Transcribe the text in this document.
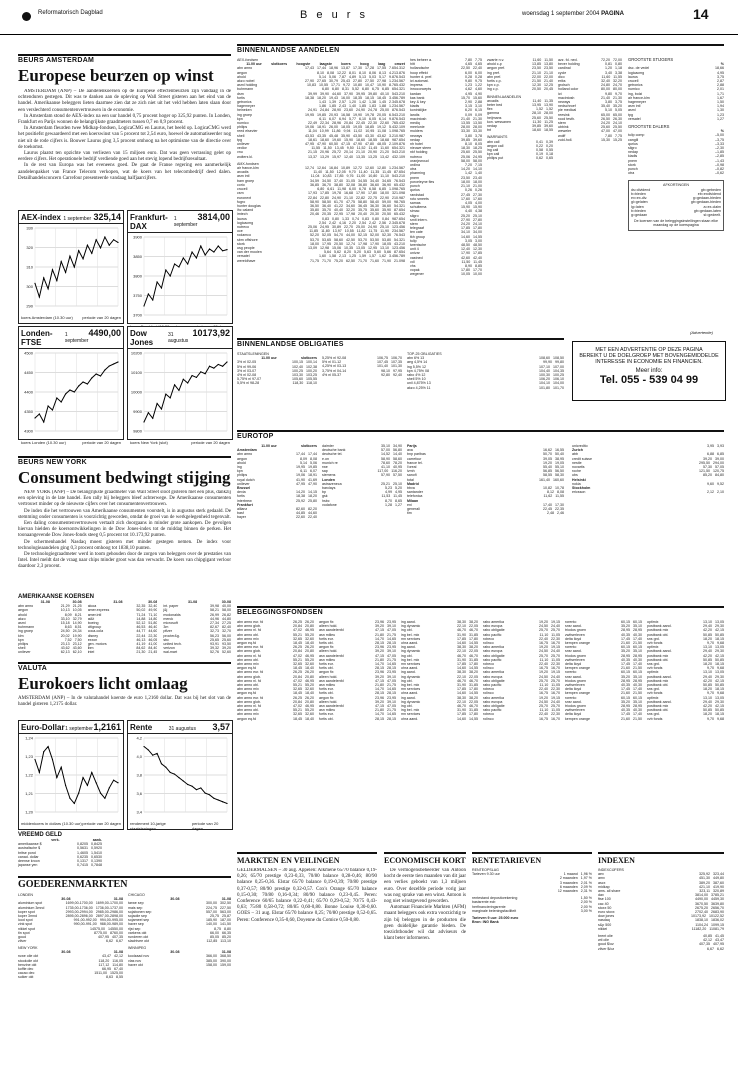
Reformatorisch Dagblad	B e u r s	woensdag 1 september 2004 PAGINA	14
BEURS AMSTERDAM
Europese beurzen op winst

AMSTERDAM (ANP) – De aandelenkoersen op de Europese effectenbeurzen zijn vandaag in de ochtenduren gestegen. Dit was te danken aan de opleving op Wall Street gisteren aan het eind van de handel. Amerikaanse beleggers lieten daarmee zien dat ze zich niet uit het veld hebben laten slaan door een verslechterd consumentenvertrouwen in de economie.

In Amsterdam stond de AEX-index na een uur handel 0,75 procent hoger op 325,92 punten. In Londen, Frankfurt en Parijs wonnen de belangrijkste graadmeters tussen 0,7 en 0,9 procent.

In Amsterdam fleurden twee Midkap-fondsen, LogicaCMG en Laurus, het beeld op. LogicaCMG werd het positiefst gewaardeerd met een koerswinst van 5 procent tot 2,54 euro, hoewel de automatiseerder nog niet uit de rode cijfers is. Bouwer Laurus ging 3,5 procent omhoog na het optimisme van de directie over de toekomst.

Laurus plaatst ten opzichte van verliezen van 15 miljoen euro. Dat was geen verrassing gelet op eerdere cijfers. Het operationele bedrijf verdiende goed aan het stevig lopend bedrijfsresultaat.

In de rest van Europa was het eveneens goed. De gaat de Franse regering een aanmerkelijk aandelenpakket van France Telecom verkopen, wat de koers van het telecombedrijf deed dalen. Detailhandelsconcern Carrefour presenteerde vandaag halfjaarcijfers.

AEX-index 1 september 325,14
330
320
310
300
290
koers Amsterdam (10.30 uur) periode van 20 dagen
Frankfurt-DAX
1 september
3814,00
3900
3850
3800
3750
3700
Londen-FTSE
1 september
4490,00
4500
4450
4400
4350
4300
koers Londen (10.30 uur)	periode van 20 dagen
Dow Jones
31 augustus
10173,92
10200
10100
10000
9900
9800
koers New York (slot)	periode van 20 dagen
BEURS NEW YORK
Consument bedwingt stijging

NEW YORK (ANP) – De belangrijkste graadmeter van Wall Street sloot gisteren met een plus, dankzij een opleving in de late handel. Een rally bij beleggers bleef achterwege. De Amerikaanse consumenten vertrouwt minder op de nieuwste cijfers over het consumentenvertrouwen.

De index die het vertrouwen van Amerikaanse consumenten voorstelt, is in augustus sterk gedaald. De stemming onder consumenten is voorzichtig geworden, omdat de groei van de werkgelegenheid tegenvalt.

Een daling consumentenvertrouwen vertaalt zich doorgaans in minder grote aankopen. De gevolgen hiervan hielden de koersontwikkelingen in de Dow Jones-index tot de middag binnen de perken. Het toonaangevende Dow Jones-fonds steeg 0,5 procent tot 10.173,92 punten.

De schermenhandel Nasdaq moest gisteren met minder gestegen nemen. De index voor technologieaandelen ging 0,3 procent omhoog tot 1838,10 punten.

De technologiegraadmeter werd in toom gehouden door de zorgen van beleggers over de prestaties van Intel. Intel meldt dat de vraag naar chips minder groot was dan verwacht. De koers van chipgigant verloor daardoor 2,3 procent.

AMERIKAANSE KOERSEN
31-08	30-08
abn amro	21,29 21,25
aegon	10,13 10,05
ahold	8,09 8,21
akzo	33,10 32,79
asml	15,18 14,90
buhrmann	8,63 8,51
ing groep	24,50 24,34
klm	20,02 19,90
kpn	7,52 7,50
philips	23,13 23,12
shell	43,62 43,60
unilever	62,13 62,10
31-08	30-08
alcoa	32,35 32,40
amer.express	50,02 49,90
amer.intl	71,24 71,10
at&t	14,88 14,80
boeing	52,12 51,80
citigroup	46,53 46,40
coca-cola	44,77 44,60
disney	22,44 22,30
exxon	46,13 46,05
gen. motors	41,19 41,00
ibm	84,62 84,40
intel	21,30 21,45
31-08	30-08
int. paper	39,98 40,00
j&j	58,21 58,00
mcdonalds	26,99 26,82
merck	44,96 44,80
microsoft	27,34 27,25
3m	82,67 82,40
pfizer	32,73 32,70
procter&g.	56,23 56,00
sbc	25,65 25,60
united tech.	93,91 93,50
verizon	39,32 39,20
wal-mart	52,76 52,60
VALUTA
Eurokoers licht omlaag
AMSTERDAM (ANP) – In de valutahandel koerste de euro 1,2160 dollar. Dat was bij het slot van de handel gisteren 1,2175 dollar.
Euro-Dollar 1 september 1,2161
1,24
1,23
1,22
1,21
1,20
middenkoers in dollars (10.30 uur) periode van 20 dagen
Rente	31 augustus 3,57
4,2
4,0
3,8
3,6
3,4
rendement 10-jarige staatsleningen
periode van 20 dagen
VREEMD GELD
verk.	aank.
amerikaanse $	0,8205 0,8425
australische $	0,5631 0,5920
britse pond	1,4605 1,5410
canad. dollar	0,6235 0,6530
deense kroon	0,1317 0,1390
japanse yen	0,7415 0,7848
GOEDERENMARKTEN
LONDEN
30-08	31-08
aluminium spot	1699,00-1700,00 1699,00-1700,00
aluminium 3mnd	1735,00-1736,00 1736,00-1737,00
koper spot	2993,00-2994,00 2985,00-2986,00
koper 3mnd	2895,00-2896,00 2897,00-2898,00
lood spot	991,00-992,00 994,00-995,00
zink spot	990,00-991,00 988,00-989,00
nikkel spot	14575,00 14550,00
tin spot	8775,00 8760,00
goud	407,95 407,35
zilver	6,62 6,67
CHICAGO
30-08	31-08
tarwe sep	300,00 302,50
mais sep	224,75 227,50
sojabonen sep	557,00 563,00
sojaolie sep	25,75 25,87
sojameel sep	185,90 187,00
haver sep	140,00 141,50
rijst sep	8,75 8,80
varkens okt	66,00 66,35
runderen okt	85,05 85,20
slachtvee okt	112,85 113,10
NEW YORK
30-08	31-08
ruwe olie okt	43,47 42,12
stookolie okt	118,20 116,05
benzine okt	117,12 114,80
koffie dec	66,95 67,40
cacao dec	1511,00 1525,00
suiker okt	8,63 8,55
WINNIPEG
30-08	31-08
koolzaad nov	366,00 368,50
vlas nov	385,00 390,00
haver okt	158,00 159,00
BINNENLANDSE AANDELEN
AEX-fondsen
11.00 uur	slotkoers	hoogste	laagste	koers	hoog	laag	omzet
abn amro	17,43 17,44 18,96 13,87 17,30 17,28 17,55 7.654.312
aegon	8,10 8,08 12,22 8,01 8,10 8,06 8,13 4.213.876
ahold	5,14 5,06 7,87 4,89 5,13 5,03 5,17 9.876.543
akzo nobel	27,90 27,65 30,79 25,43 27,80 27,50 27,98 1.234.567
asml holding	10,83 10,55 17,71 9,72 10,80 10,47 10,90 8.765.432
buhrmann	6,80 6,80 8,31 5,52 6,80 6,75 6,85 654.321
dsm	39,99 39,90 44,60 37,90 39,95 39,80 40,10 543.210
fortis	18,38 18,20 19,43 16,00 18,35 18,15 18,45 3.456.789
getronics	1,43 1,39 2,57 1,20 1,42 1,38 1,45 2.345.678
hagemeyer	1,86 1,85 2,43 1,40 1,85 1,83 1,88 1.234.567
heineken	24,91 24,84 28,90 23,60 24,90 24,78 25,00 876.543
ing groep	19,95 19,85 20,93 16,58 19,90 19,78 20,05 6.543.210
kpn	6,11 6,07 6,94 5,77 6,10 6,05 6,14 9.876.543
numico	22,49 22,34 28,96 20,84 22,45 22,30 22,60 765.432
philips	19,06 18,91 26,00 18,05 19,05 18,85 19,12 5.432.109
reed elsevier	11,04 10,99 11,86 9,94 11,02 10,95 11,08 1.098.765
shell	43,53 43,35 45,48 35,90 43,50 43,30 43,62 3.210.987
tpg	18,61 18,60 19,60 15,90 18,60 18,55 18,68 987.654
unilever	47,95 47,90 60,50 47,15 47,90 47,80 48,05 2.109.876
vedior	11,55 11,50 13,45 9,50 11,52 11,45 11,60 654.321
vnu	21,15 20,96 25,72 20,14 21,10 20,90 21,20 543.210
wolters kl.	13,37 13,29 15,97 12,40 13,35 13,25 13,42 432.109
AMX-fondsen
air france-klm	12,74 12,64 16,84 10,89 12,72 12,60 12,80 1.234.567
arcadis	11,40 11,50 12,05 9,70 11,40 11,35 11,45 87.654
asm intl	11,04 10,83 17,85 9,76 11,00 10,80 11,10 543.210
bam groep	34,59 34,50 37,40 31,05 34,55 34,40 34,65 76.543
corio	36,85 36,70 38,80 32,08 36,80 36,60 36,90 65.432
crucell	6,80 6,61 11,98 6,00 6,78 6,58 6,85 1.098.765
csm	17,93 17,85 19,78 16,68 17,90 17,80 18,00 321.098
euronext	22,84 22,80 24,90 21,10 22,82 22,75 22,90 210.987
fugro	58,90 58,50 61,70 47,75 58,80 58,40 59,00 98.765
hunter douglas	36,50 36,40 41,22 34,60 36,45 36,30 36,60 54.321
ihc caland	35,80 35,70 40,40 32,20 35,75 35,60 35,90 87.654
imtech	20,46 20,35 22,95 17,98 20,40 20,30 20,50 65.432
laurus	0,83 0,80 1,33 0,74 0,83 0,80 0,84 987.654
logicacmg	2,54 2,42 4,16 2,20 2,54 2,42 2,56 2.345.678
nutreco	25,06 24,95 30,89 22,70 25,00 24,90 25,10 123.456
oce	11,85 11,80 13,97 10,55 11,82 11,75 11,90 234.567
rodamco	52,20 52,05 54,70 44,00 52,15 52,00 52,30 76.543
sbm offshore	53,70 53,65 58,60 42,50 53,70 53,50 53,80 54.321
stork	18,00 17,95 20,50 12,74 17,98 17,90 18,05 43.210
usg people	13,09 12,98 15,06 10,35 13,05 12,95 13,10 123.456
van der moolen	5,64 5,62 8,20 5,20 5,63 5,60 5,66 87.654
versatel	1,60 1,58 2,13 1,25 1,59 1,57 1,62 3.456.789
wereldhave	71,75 71,70 75,20 62,50 71,70 71,60 71,90 21.098
hes beheer a.	7,80 7,75
hitt	4,65 4,65
hollandsche	22,50 22,40
hoop effekt	6,00 6,00
hunter d. pref.	0,28 0,28
ict automat.	9,80 9,75
impress	1,23 1,22
innoconcepts	4,62 4,60
kardan	4,95 4,90
kas bank	15,70 15,60
key & key	2,90 2,88
kiadis	3,15 3,10
koninklijke	6,20 6,15
landis	0,09 0,09
macintosh	21,40 21,30
mediq	13,55 13,50
meelunie	28,00 28,00
mulders	33,30 33,30
neways	3,80 3,78
nedap	39,85 39,60
nh hotel	8,10 8,05
nieuwe steen	18,30 18,25
nkf holding	25,60 25,50
nutreco	25,06 24,95
oranjewoud	58,00 58,00
ordina	7,20 7,15
otra	14,20 14,10
pharming	1,42 1,40
pnem	23,50 23,40
porceleyne fles	18,00 18,00
punch	21,10 21,00
qurius	0,26 0,26
randstad	27,45 27,30
roto smeets	17,60 17,60
samas	4,05 4,00
schuitema	15,90 15,90
simac	4,40 4,38
sligro	25,20 25,10
smit intern.	27,90 27,80
stern	24,20 24,10
telegraaf	17,85 17,80
ten cate	34,10 34,00
tkh group	14,60 14,55
tulip	3,05 3,00
twentsche	48,50 48,50
unit 4	12,40 12,30
univar	17,90 17,85
vastned	42,60 42,40
vdl	11,50 11,45
vhs	8,90 8,85
vopak	17,80 17,70
wegener	10,05 10,00
zwarte n.v.	11,60 11,50
ahold c-p	13,85 13,80
aegon pref.	23,50 23,50
ing pref.	21,10 21,10
abn pref.	22,00 22,00
fortis c.p.	21,50 21,40
kpn c.p.	12,30 12,25
ing c.p.	20,50 20,45
BINNEN-AANDELEN
arcadis	11,40 11,35
beter bed	13,95 13,90
flex	1,52 1,52
gamma	28,10 28,00
heijmans	25,60 25,50
kon. wessanen	11,30 11,25
nedap	39,85 39,60
tnt	18,60 18,55
WARRANTS
abn call	0,41 0,39
aegon call	0,22 0,20
ing call	0,58 0,55
kpn call	0,19 0,18
philips put	0,62 0,65
azz. fd. ned.	72,20 72,00
bever holding	0,81 0,80
cardinal	1,20 1,18
cycle	3,40 3,38
dico	11,60 11,55
eriks	32,40 32,20
grolsch	24,80 24,70
holland color	80,00 80,00
ict	9,80 9,70
macintosh	21,40 21,30
neways	3,80 3,75
nedschroef	35,40 35,20
pie medical	5,10 5,05
reesink	65,00 65,00
rood testh.	26,50 26,30
stern	24,20 24,10
ubbink	25,60 25,50
weweler	47,00 47,00
wolff	7,80 7,75
zuid-holl.	15,30 15,25
GROOTSTE STIJGERS
%
dsc. de vedel	18,66
logicacmg	4,95
laurus	3,75
crucell	2,87
getronics	2,88
numico	2,01
ing, bolzi	1,71
air france-klm	1,67
hagemeyer	1,50
asm intl	1,94
asml	1,30
tpg	1,23
versatel	1,27
GROOTSTE DALERS
%
tulip comp	–5,00
cangill	–3,75
qurius	–3,33
sligro	–2,30
nedap	–1,85
kiadis	–2,85
pnem	–1,43
stork	–0,98
punch	–0,82
otra	–0,62
AFKORTINGEN
ds=dividend	gb=gebeden
b=bieden	eb=exdividend
ex=ex-div.	g=gedaan-bieden
gl=gelaten	gb=gedaan-bieden
lg=laten	a=ex-claim
b=bieden	gb=gedaan-laten
g=gedaan	sl=gedeelt.
De koersen van de beleggingsinstellingen staan elke maandag op de koerspagina
BINNENLANDSE OBLIGATIES
STAATSLENINGEN
11.00 uur	slotkoers
3% nl 02-05	100,15 100,14
5% nl 99-06	102,40 102,38
3% nl 03-07	100,25 100,20
4% nl 02-08	103,30 103,25
5,75% nl 97-07	105,60 105,55
5,5% nl 98-28	118,30 118,10
5,25% nl 92-08	106,75 106,70
5% nl 01-12	107,45 107,35
4,25% nl 03-13	101,40 101,30
3,75% nl 04-14	98,10 97,95
4% nl 05-37	92,80 92,40
TOP-25 OBLIGATIES
abn 6% 13	108,60 108,50
aeg 4,5% 14	99,90 99,80
ing 5,5% 12	107,10 107,00
kpn 4,75% 08	104,40 104,35
rabo 4% 12	100,30 100,25
shell 5% 10	106,20 106,10
unil 4,875% 13	104,10 104,00
akzo 4,25% 11	101,80 101,70
MET EEN ADVERTENTIE OP DEZE PAGINA
BEREIKT U DE DOELGROEP MET BOVENGEMIDDELDE
INTERESSE IN ECONOMIE EN FINANCIEN.
Meer info:
Tel. 055 - 539 04 99
(Advertentie)
EUROTOP
11.00 uur	slotkoers
Amsterdam
abn amro	17,44 17,44
aegon	8,09 8,08
ahold	5,14 5,06
ing	19,95 19,85
kpn	6,11 6,07
philips	19,06 18,91
royal dutch	41,90 41,69
unilever	47,95 47,90
Brussel
dexia	14,20 14,15
fortis	18,38 18,20
interbrew	25,92 25,80
Frankfurt
allianz	82,60 82,20
basf	44,85 44,60
bayer	22,60 22,40
daimler	35,10 34,90
deutsche bank	57,00 56,80
deutsche tel.	14,52 14,40
e.on	58,90 58,60
munich re	78,60 78,20
rwe	41,10 40,95
sap	117,00 116,20
siemens	57,90 57,50
Londen
astrazeneca	25,21 25,10
barclays	5,23 5,20
bp	4,99 4,95
gsk	11,53 11,45
hsbc	8,70 8,65
vodafone	1,28 1,27
Parijs
axa	16,62 16,55
bnp paribas	50,70 50,40
carrefour	39,05 38,95
france tel.	19,20 19,05
l'oreal	55,40 55,10
lvmh	56,85 56,50
sanofi	58,55 58,30
total	161,40 160,60
Madrid
bbva	10,82 10,78
santander	8,12 8,08
telefonica	11,62 11,55
Milaan
eni	17,40 17,30
generali	22,45 22,35
tim	2,48 2,46
unicredito	3,95 3,93
Zurich
abb	6,88 6,85
credit suisse	39,20 39,00
nestle	295,50 294,00
novartis	57,30 57,05
roche	121,50 120,75
ubs	85,20 84,80
Helsinki
nokia	9,60 9,52
Stockholm
ericsson	2,12 2,10
BELEGGINGSFONDSEN
abn amro eur. fd	26,25 26,20
abn amro glob.	20,84 20,80
abn amro nl. fd	47,02 46,95
abn amro obl.	55,21 55,20
abn amro mix	32,65 32,60
aegon eq.fd	18,45 18,40
abn amro eur. fd	26,25 26,20
abn amro glob.	20,84 20,80
abn amro nl. fd	47,02 46,95
abn amro obl.	55,21 55,20
abn amro mix	32,65 32,60
aegon eq.fd	18,45 18,40
abn amro eur. fd	26,25 26,20
abn amro glob.	20,84 20,80
abn amro nl. fd	47,02 46,95
abn amro obl.	55,21 55,20
abn amro mix	32,65 32,60
aegon eq.fd	18,45 18,40
abn amro eur. fd	26,25 26,20
abn amro glob.	20,84 20,80
abn amro nl. fd	47,02 46,95
abn amro obl.	55,21 55,20
abn amro mix	32,65 32,60
aegon eq.fd	18,45 18,40
aegon fix	23,96 23,95
alleen hold.	39,20 39,10
asn aandelenfd	47,15 47,05
asn milieu	21,80 21,75
fortis eur.	14,70 14,65
fortis obl.	28,15 28,15
aegon fix	23,96 23,95
alleen hold.	39,20 39,10
asn aandelenfd	47,15 47,05
asn milieu	21,80 21,75
fortis eur.	14,70 14,65
fortis obl.	28,15 28,15
aegon fix	23,96 23,95
alleen hold.	39,20 39,10
asn aandelenfd	47,15 47,05
asn milieu	21,80 21,75
fortis eur.	14,70 14,65
fortis obl.	28,15 28,15
aegon fix	23,96 23,95
alleen hold.	39,20 39,10
asn aandelenfd	47,15 47,05
asn milieu	21,80 21,75
fortis eur.	14,70 14,65
fortis obl.	28,15 28,15
ing aand.	38,30 38,20
ing dynamic	22,10 22,05
ing obl.	46,70 46,70
ing bel. mix	31,90 31,85
mn services	17,85 17,80
ohra aand.	14,60 14,55
ing aand.	38,30 38,20
ing dynamic	22,10 22,05
ing obl.	46,70 46,70
ing bel. mix	31,90 31,85
mn services	17,85 17,80
ohra aand.	14,60 14,55
ing aand.	38,30 38,20
ing dynamic	22,10 22,05
ing obl.	46,70 46,70
ing bel. mix	31,90 31,85
mn services	17,85 17,80
ohra aand.	14,60 14,55
ing aand.	38,30 38,20
ing dynamic	22,10 22,05
ing obl.	46,70 46,70
ing bel. mix	31,90 31,85
mn services	17,85 17,80
ohra aand.	14,60 14,55
rabo amerika	19,20 19,15
rabo europa	24,50 24,40
rabo obligatie	25,70 25,70
rabo pacific	11,10 11,05
robeco	22,40 22,30
rolinco	16,75 16,70
rabo amerika	19,20 19,15
rabo europa	24,50 24,40
rabo obligatie	25,70 25,70
rabo pacific	11,10 11,05
robeco	22,40 22,30
rolinco	16,75 16,70
rabo amerika	19,20 19,15
rabo europa	24,50 24,40
rabo obligatie	25,70 25,70
rabo pacific	11,10 11,05
robeco	22,40 22,30
rolinco	16,75 16,70
rabo amerika	19,20 19,15
rabo europa	24,50 24,40
rabo obligatie	25,70 25,70
rabo pacific	11,10 11,05
robeco	22,40 22,30
rolinco	16,75 16,70
rorento	60,15 60,15
snsr aand.	35,20 35,10
triodos groen	28,95 28,95
zwitserleven	40,35 40,30
delta lloyd	17,45 17,40
kempen orange	21,60 21,50
rorento	60,15 60,15
snsr aand.	35,20 35,10
triodos groen	28,95 28,95
zwitserleven	40,35 40,30
delta lloyd	17,45 17,40
kempen orange	21,60 21,50
rorento	60,15 60,15
snsr aand.	35,20 35,10
triodos groen	28,95 28,95
zwitserleven	40,35 40,30
delta lloyd	17,45 17,40
kempen orange	21,60 21,50
rorento	60,15 60,15
snsr aand.	35,20 35,10
triodos groen	28,95 28,95
zwitserleven	40,35 40,30
delta lloyd	17,45 17,40
kempen orange	21,60 21,50
optimix	13,10 13,05
postbank aand.	29,40 29,30
postbank mix	42,20 42,15
postbank obl.	50,85 50,85
sns grd.	18,20 18,15
vvb fonds	9,70 9,68
optimix	13,10 13,05
postbank aand.	29,40 29,30
postbank mix	42,20 42,15
postbank obl.	50,85 50,85
sns grd.	18,20 18,15
vvb fonds	9,70 9,68
optimix	13,10 13,05
postbank aand.	29,40 29,30
postbank mix	42,20 42,15
postbank obl.	50,85 50,85
sns grd.	18,20 18,15
vvb fonds	9,70 9,68
optimix	13,10 13,05
postbank aand.	29,40 29,30
postbank mix	42,20 42,15
postbank obl.	50,85 50,85
sns grd.	18,20 18,15
vvb fonds	9,70 9,68
MARKTEN EN VEILINGEN
GELDERMALSEN – 30 aug. Appelen: Alkmene 65/70 balance 0,19-0,26; 65/70 prestige 0,23-0,33, 70/80 balance 0,28-0,46; 80/90 balance 0,25-0,36. Elstar 65/70 balance 0,19-0,39; 70/80 prestige 0,37-0,57; 80/90 prestige 0,32-0,57. Cox's Orange 65/70 balance 0,15-0,30; 70/80 0,16-0,34; 80/90 balance 0,23-0,45. Peren: Conference 60/65 balance 0,22-0,41; 65/70 0,29-0,52; 70/75 0,43-0,63; 75/80 0,58-0,72; 80/85 0,60-0,80. Bonne Louise 0,30-0,60. GOES – 31 aug. Elstar 65/70 balance 0,25; 70/80 prestige 0,52-0,65. Peren: Conference 0,35-0,60, Doyenne du Comice 0,50-0,80.
ECONOMISCH KORT

De vermogensbeheerder van Antoon kocht de eerste tien maanden van dit jaar een verlies geboekt van 1,3 miljoen euro. Over dezelfde periode vorig jaar was nog sprake van een winst. Antoon is nog niet winstgevend geworden.

Automaat Financiele Markten (AFM) maant beleggers ook extra voorzichtig te zijn bij beleggen in de producten die geen duidelijke garantie bieden. De toezichthouder wil dat adviseurs de klant beter informeren.

RENTETARIEVEN
RENTEOPSLAG
Tarieven 9.30 uur	1 maand 1,96 %
2 maanden 1,97 %
3 maanden 2,01 %
6 maanden 2,09 %
12 maanden 2,31 %
rentestand depositorekening	1,50 %
basisrente ecb	2,00 %
herfinancieringsrente	2,00 %
marginale beleningsfaciliteit	3,00 %
Tarieven 9 uur: 25.000 euro
Bron: ING Bank
INDEXEN
INDEXCIJFERS
aex	325,92 323,44
amx	451,30 449,80
ascx	389,20 387,60
midkap	421,10 419,90
ams. all share	323,11 320,89
dax	3814,00 3785,21
ftse 100	4490,00 4459,30
cac 40	3670,50 3639,80
stoxx 50	2675,20 2656,70
euro stoxx	2702,40 2683,90
dow jones	10173,92 10122,52
nasdaq	1838,10 1836,02
s&p 500	1104,24 1099,15
nikkei	11182,20 11081,79
brent olie	40,85 41,45
wti olie	42,12 43,47
goud $/oz	407,35 407,95
zilver $/oz	6,67 6,62
